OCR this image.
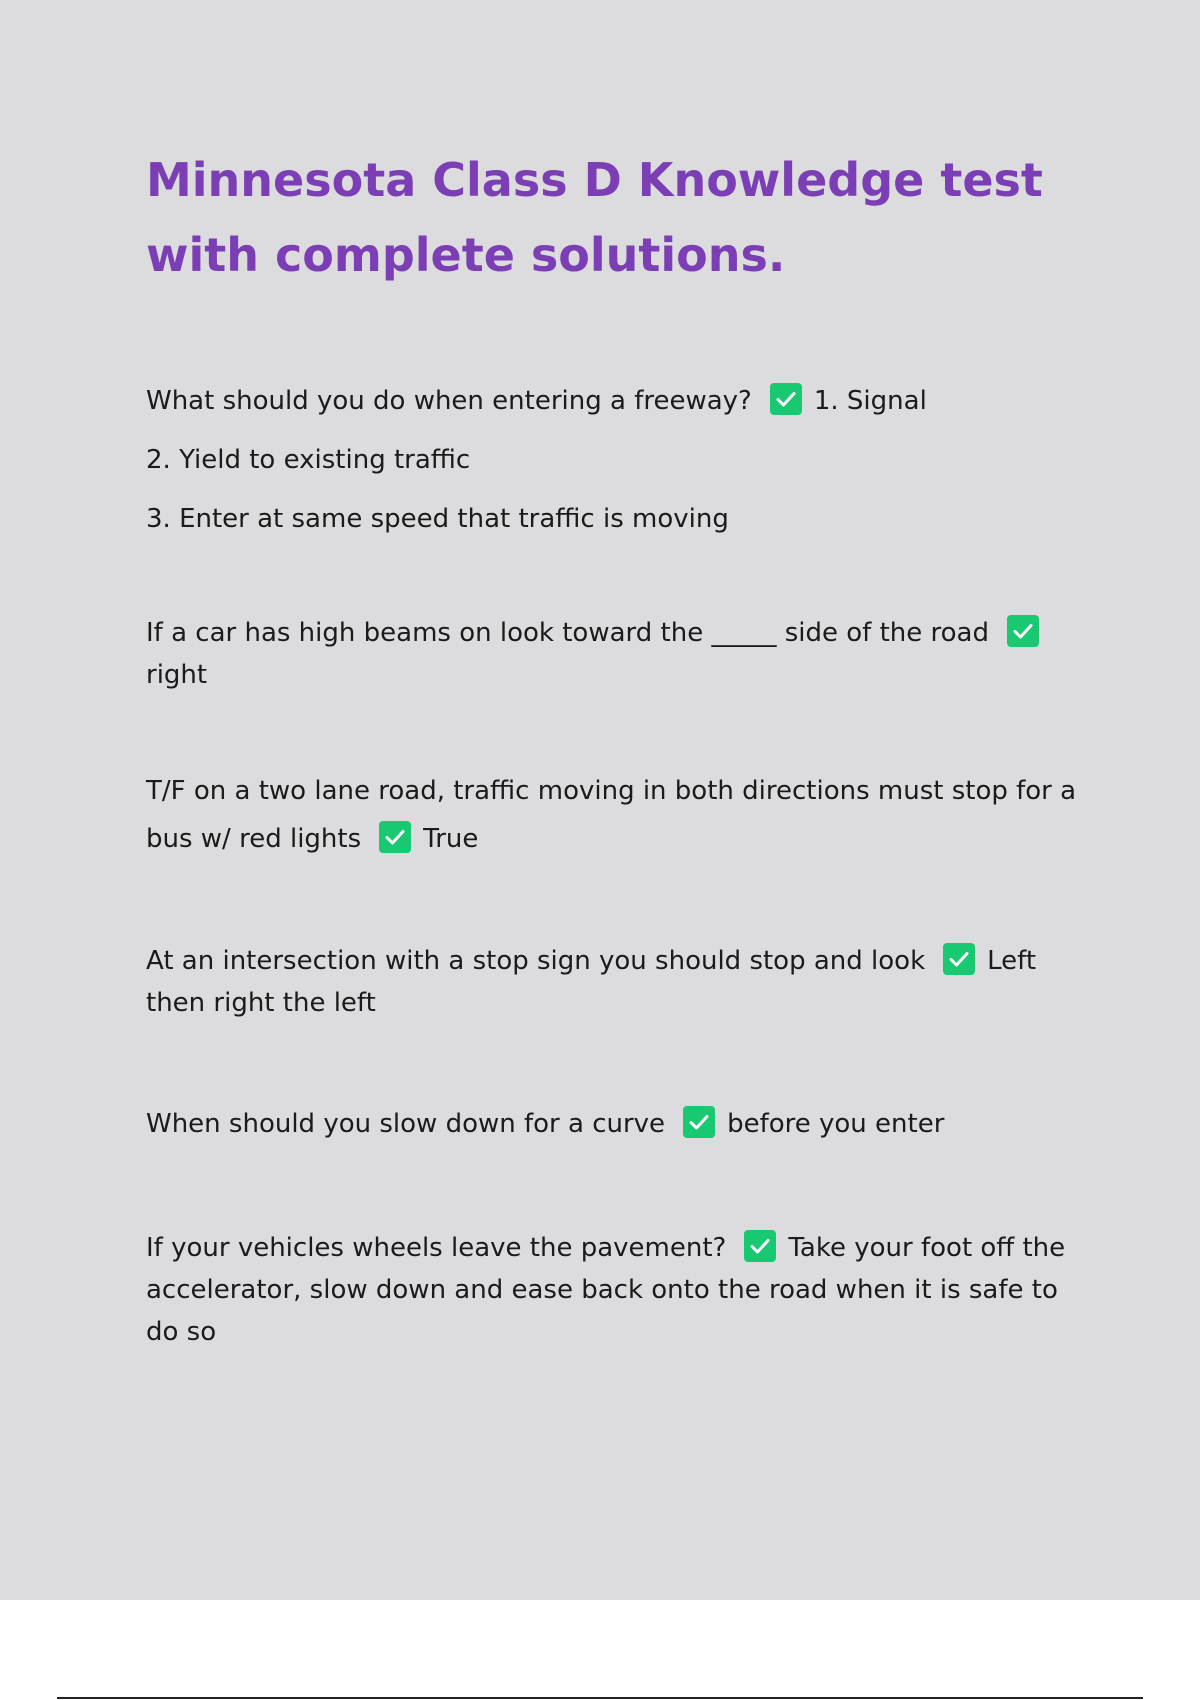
Minnesota Class D Knowledge test with complete solutions.
What should you do when entering a freeway? 1. Signal
2. Yield to existing traffic
3. Enter at same speed that traffic is moving

If a car has high beams on look toward the _____ side of the road
right

T/F on a two lane road, traffic moving in both directions must stop for a bus w/ red lights True

At an intersection with a stop sign you should stop and look Left then right the left

When should you slow down for a curve before you enter

If your vehicles wheels leave the pavement? Take your foot off the accelerator, slow down and ease back onto the road when it is safe to do so
